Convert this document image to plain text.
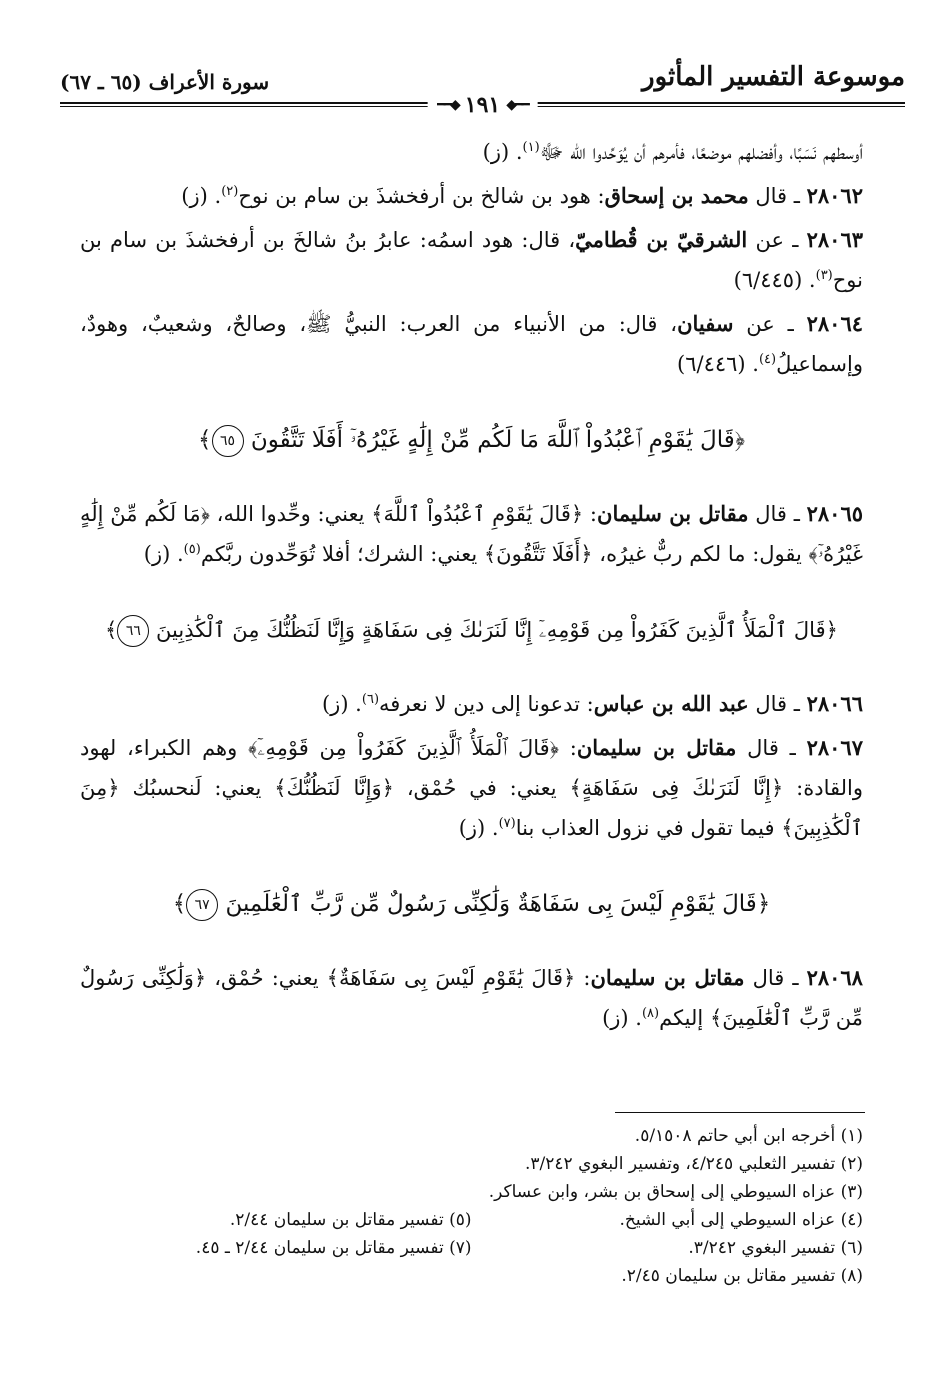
موسوعة التفسير المأثور
سورة الأعراف (٦٥ ـ ٦٧)
━━◆ ١٩١ ◆━━

أوسطهم نَسَبًا، وأفضلهم موضعًا، فأمرهم أن يُوَحِّدوا الله ﷻ$^{(١)}$. (ز)

٢٨٠٦٢ ـ قال محمد بن إسحاق: هود بن شالخ بن أرفخشذَ بن سام بن نوح$^{(٢)}$. (ز)

٢٨٠٦٣ ـ عن الشرقيّ بن قُطاميّ، قال: هود اسمُه: عابرُ بنُ شالخَ بن أرفخشذَ بن سام بن نوح$^{(٣)}$. (٦/٤٤٥)

٢٨٠٦٤ ـ عن سفيان، قال: من الأنبياء من العرب: النبيُّ ﷺ، وصالحٌ، وشعيبٌ، وهودٌ، وإسماعيلُ$^{(٤)}$. (٦/٤٤٦)

﴿قَالَ يَٰقَوْمِ ٱعْبُدُواْ ٱللَّهَ مَا لَكُم مِّنْ إِلَٰهٍ غَيْرُهُۥٓ أَفَلَا تَتَّقُونَ ٦٥﴾

٢٨٠٦٥ ـ قال مقاتل بن سليمان: ﴿قَالَ يَٰقَوْمِ ٱعْبُدُواْ ٱللَّهَ﴾ يعني: وحِّدوا الله، ﴿مَا لَكُم مِّنْ إِلَٰهٍ غَيْرُهُۥٓ﴾ يقول: ما لكم ربٌّ غيرُه، ﴿أَفَلَا تَتَّقُونَ﴾ يعني: الشرك؛ أفلا تُوَحِّدون ربَّكم$^{(٥)}$. (ز)

﴿قَالَ ٱلْمَلَأُ ٱلَّذِينَ كَفَرُواْ مِن قَوْمِهِۦٓ إِنَّا لَنَرَىٰكَ فِى سَفَاهَةٍ وَإِنَّا لَنَظُنُّكَ مِنَ ٱلْكَٰذِبِينَ ٦٦﴾

٢٨٠٦٦ ـ قال عبد الله بن عباس: تدعونا إلى دين لا نعرفه$^{(٦)}$. (ز)

٢٨٠٦٧ ـ قال مقاتل بن سليمان: ﴿قَالَ ٱلْمَلَأُ ٱلَّذِينَ كَفَرُواْ مِن قَوْمِهِۦٓ﴾ وهم الكبراء، لهود والقادة: ﴿إِنَّا لَنَرَىٰكَ فِى سَفَاهَةٍ﴾ يعني: في حُمْق، ﴿وَإِنَّا لَنَظُنُّكَ﴾ يعني: لَنحسبُك ﴿مِنَ ٱلْكَٰذِبِينَ﴾ فيما تقول في نزول العذاب بنا$^{(٧)}$. (ز)

﴿قَالَ يَٰقَوْمِ لَيْسَ بِى سَفَاهَةٌ وَلَٰكِنِّى رَسُولٌ مِّن رَّبِّ ٱلْعَٰلَمِينَ ٦٧﴾

٢٨٠٦٨ ـ قال مقاتل بن سليمان: ﴿قَالَ يَٰقَوْمِ لَيْسَ بِى سَفَاهَةٌ﴾ يعني: حُمْق، ﴿وَلَٰكِنِّى رَسُولٌ مِّن رَّبِّ ٱلْعَٰلَمِينَ﴾ إليكم$^{(٨)}$. (ز)

(١) أخرجه ابن أبي حاتم ٥/١٥٠٨.
(٢) تفسير الثعلبي ٤/٢٤٥، وتفسير البغوي ٣/٢٤٢.
(٣) عزاه السيوطي إلى إسحاق بن بشر، وابن عساكر.
(٤) عزاه السيوطي إلى أبي الشيخ.
(٥) تفسير مقاتل بن سليمان ٢/٤٤.
(٦) تفسير البغوي ٣/٢٤٢.
(٧) تفسير مقاتل بن سليمان ٢/٤٤ ـ ٤٥.
(٨) تفسير مقاتل بن سليمان ٢/٤٥.
